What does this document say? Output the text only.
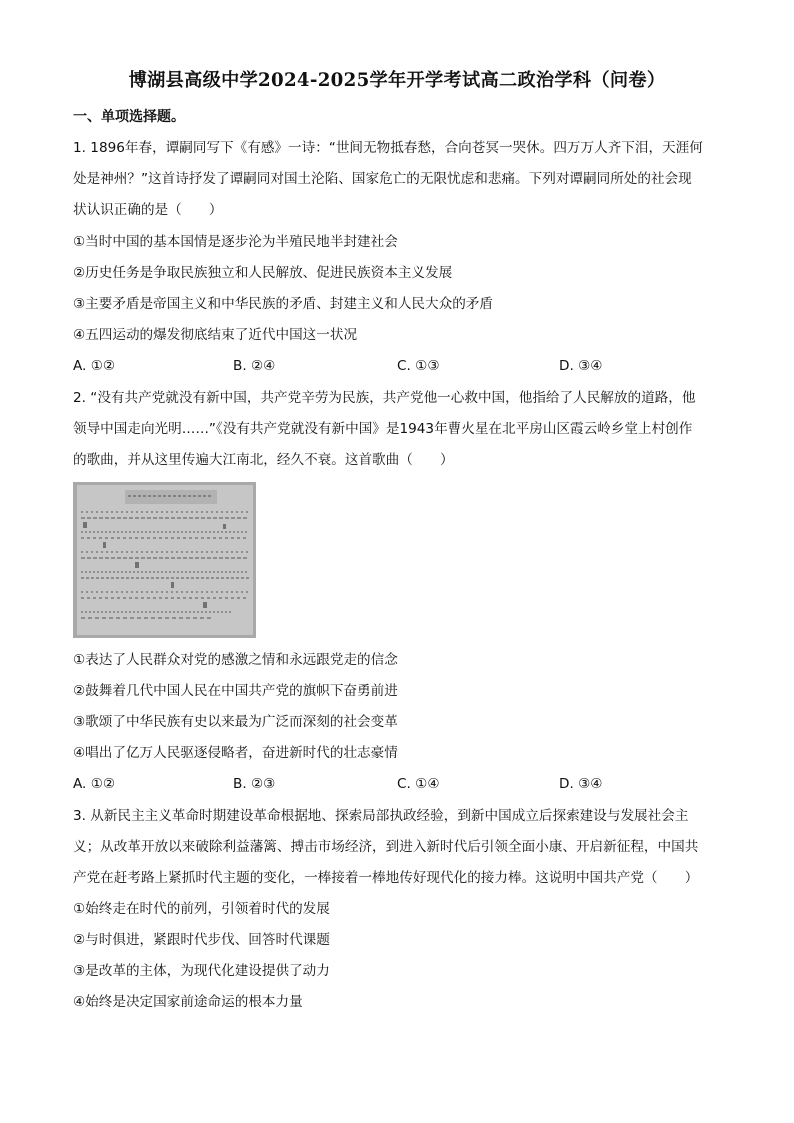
博湖县高级中学2024-2025学年开学考试高二政治学科（问卷）
一、单项选择题。
1. 1896年春，谭嗣同写下《有感》一诗：“世间无物抵春愁，合向苍冥一哭休。四万万人齐下泪，天涯何
处是神州？”这首诗抒发了谭嗣同对国土沦陷、国家危亡的无限忧虑和悲痛。下列对谭嗣同所处的社会现
状认识正确的是（　　）
①当时中国的基本国情是逐步沦为半殖民地半封建社会
②历史任务是争取民族独立和人民解放、促进民族资本主义发展
③主要矛盾是帝国主义和中华民族的矛盾、封建主义和人民大众的矛盾
④五四运动的爆发彻底结束了近代中国这一状况
A. ①②	B. ②④	C. ①③	D. ③④
2. “没有共产党就没有新中国，共产党辛劳为民族，共产党他一心救中国，他指给了人民解放的道路，他
领导中国走向光明……”《没有共产党就没有新中国》是1943年曹火星在北平房山区霞云岭乡堂上村创作
的歌曲，并从这里传遍大江南北，经久不衰。这首歌曲（　　）
①表达了人民群众对党的感激之情和永远跟党走的信念
②鼓舞着几代中国人民在中国共产党的旗帜下奋勇前进
③歌颂了中华民族有史以来最为广泛而深刻的社会变革
④唱出了亿万人民驱逐侵略者，奋进新时代的壮志豪情
A. ①②	B. ②③	C. ①④	D. ③④
3. 从新民主主义革命时期建设革命根据地、探索局部执政经验，到新中国成立后探索建设与发展社会主
义；从改革开放以来破除利益藩篱、搏击市场经济，到进入新时代后引领全面小康、开启新征程，中国共
产党在赶考路上紧抓时代主题的变化，一棒接着一棒地传好现代化的接力棒。这说明中国共产党（　　）
①始终走在时代的前列，引领着时代的发展
②与时俱进，紧跟时代步伐、回答时代课题
③是改革的主体，为现代化建设提供了动力
④始终是决定国家前途命运的根本力量
